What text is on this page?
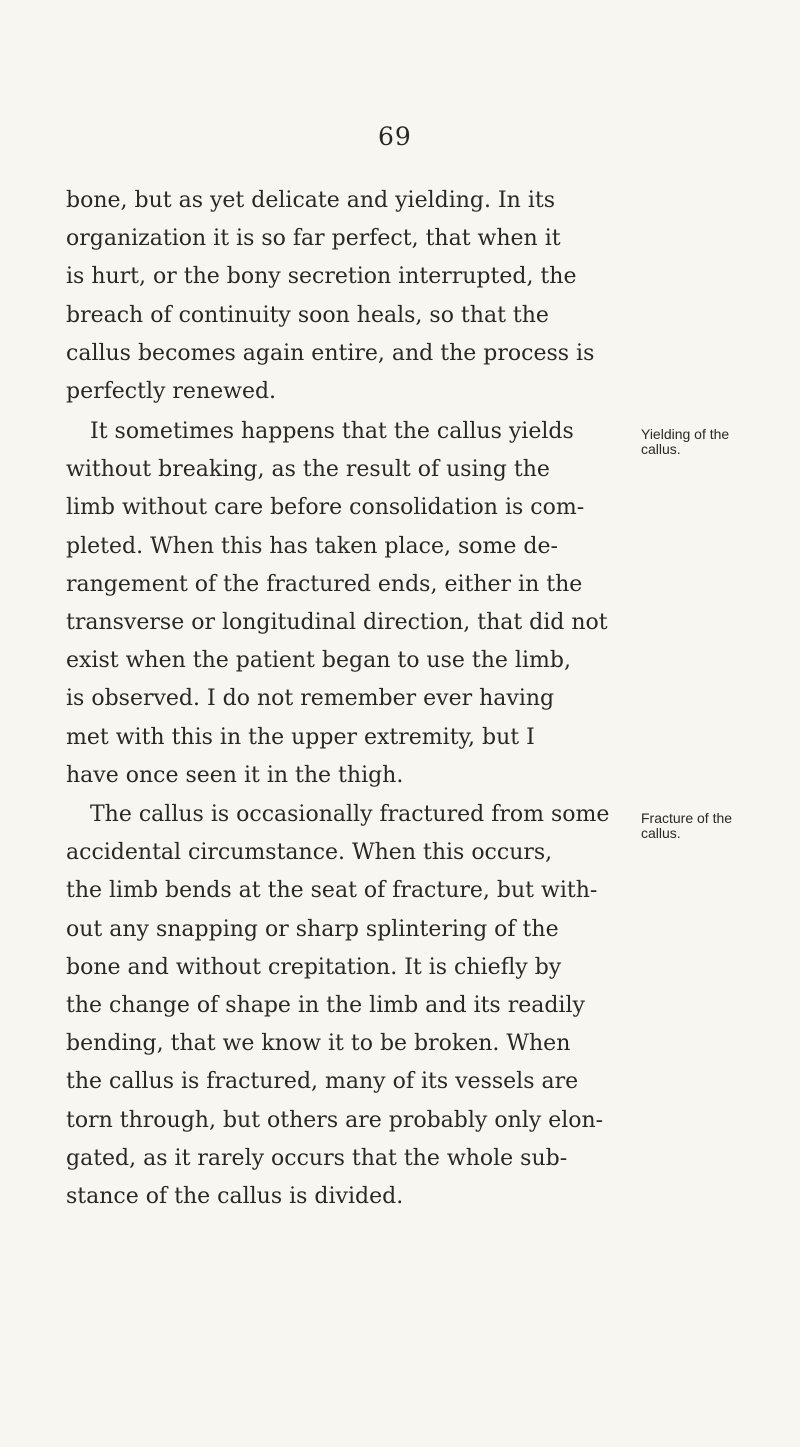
69
bone, but as yet delicate and yielding. In its
organization it is so far perfect, that when it
is hurt, or the bony secretion interrupted, the
breach of continuity soon heals, so that the
callus becomes again entire, and the process is
perfectly renewed.
It sometimes happens that the callus yields
without breaking, as the result of using the
limb without care before consolidation is com-
pleted. When this has taken place, some de-
rangement of the fractured ends, either in the
transverse or longitudinal direction, that did not
exist when the patient began to use the limb,
is observed. I do not remember ever having
met with this in the upper extremity, but I
have once seen it in the thigh.
Yielding of the
callus.
The callus is occasionally fractured from some
accidental circumstance. When this occurs,
the limb bends at the seat of fracture, but with-
out any snapping or sharp splintering of the
bone and without crepitation. It is chiefly by
the change of shape in the limb and its readily
bending, that we know it to be broken. When
the callus is fractured, many of its vessels are
torn through, but others are probably only elon-
gated, as it rarely occurs that the whole sub-
stance of the callus is divided.
Fracture of the
callus.
